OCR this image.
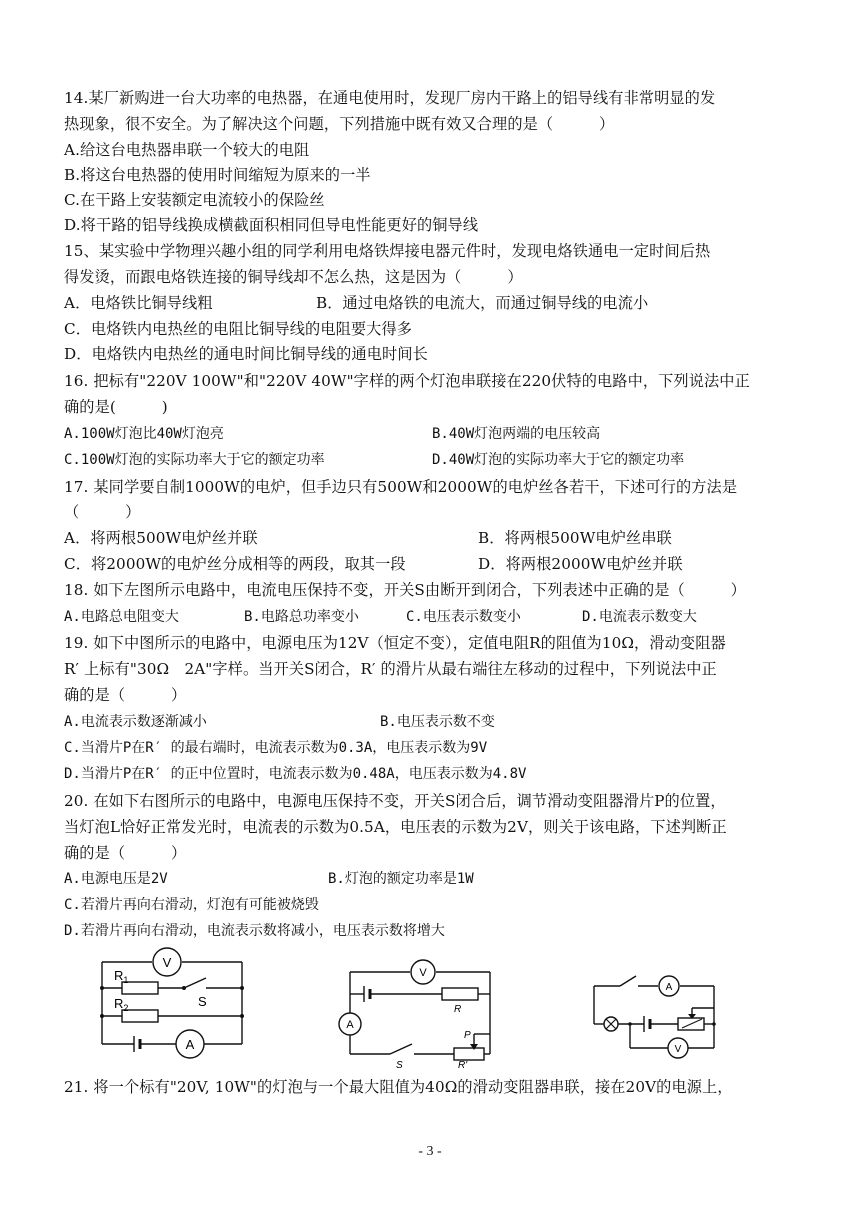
14.某厂新购进一台大功率的电热器，在通电使用时，发现厂房内干路上的铝导线有非常明显的发
热现象，很不安全。为了解决这个问题，下列措施中既有效又合理的是（　　　）
A.给这台电热器串联一个较大的电阻
B.将这台电热器的使用时间缩短为原来的一半
C.在干路上安装额定电流较小的保险丝
D.将干路的铝导线换成横截面积相同但导电性能更好的铜导线
15、某实验中学物理兴趣小组的同学利用电烙铁焊接电器元件时，发现电烙铁通电一定时间后热
得发烫，而跟电烙铁连接的铜导线却不怎么热，这是因为（　　　）
A．电烙铁比铜导线粗	B．通过电烙铁的电流大，而通过铜导线的电流小
C．电烙铁内电热丝的电阻比铜导线的电阻要大得多
D．电烙铁内电热丝的通电时间比铜导线的通电时间长
16. 把标有"220V 100W"和"220V 40W"字样的两个灯泡串联接在220伏特的电路中，下列说法中正
确的是(　　　)
A.100W灯泡比40W灯泡亮	B.40W灯泡两端的电压较高
C.100W灯泡的实际功率大于它的额定功率	D.40W灯泡的实际功率大于它的额定功率
17. 某同学要自制1000W的电炉，但手边只有500W和2000W的电炉丝各若干，下述可行的方法是
（　　　）
A．将两根500W电炉丝并联	B．将两根500W电炉丝串联
C．将2000W的电炉丝分成相等的两段，取其一段	D．将两根2000W电炉丝并联
18. 如下左图所示电路中，电流电压保持不变，开关S由断开到闭合，下列表述中正确的是（　　　）
A.电路总电阻变大	B.电路总功率变小	C.电压表示数变小	D.电流表示数变大
19. 如下中图所示的电路中，电源电压为12V（恒定不变），定值电阻R的阻值为10Ω，滑动变阻器
R′ 上标有"30Ω　2A"字样。当开关S闭合，R′ 的滑片从最右端往左移动的过程中，下列说法中正
确的是（　　　）
A.电流表示数逐渐减小	B.电压表示数不变
C.当滑片P在R′ 的最右端时，电流表示数为0.3A，电压表示数为9V
D.当滑片P在R′ 的正中位置时，电流表示数为0.48A，电压表示数为4.8V
20. 在如下右图所示的电路中，电源电压保持不变，开关S闭合后，调节滑动变阻器滑片P的位置，
当灯泡L恰好正常发光时，电流表的示数为0.5A，电压表的示数为2V，则关于该电路，下述判断正
确的是（　　　）
A.电源电压是2V	B.灯泡的额定功率是1W
C.若滑片再向右滑动，灯泡有可能被烧毁
D.若滑片再向右滑动，电流表示数将减小，电压表示数将增大
V
A
$R_1$
$R_2$	S
V
A
R
S
P
R'
A
V
21. 将一个标有"20V, 10W"的灯泡与一个最大阻值为40Ω的滑动变阻器串联，接在20V的电源上，
- 3 -
